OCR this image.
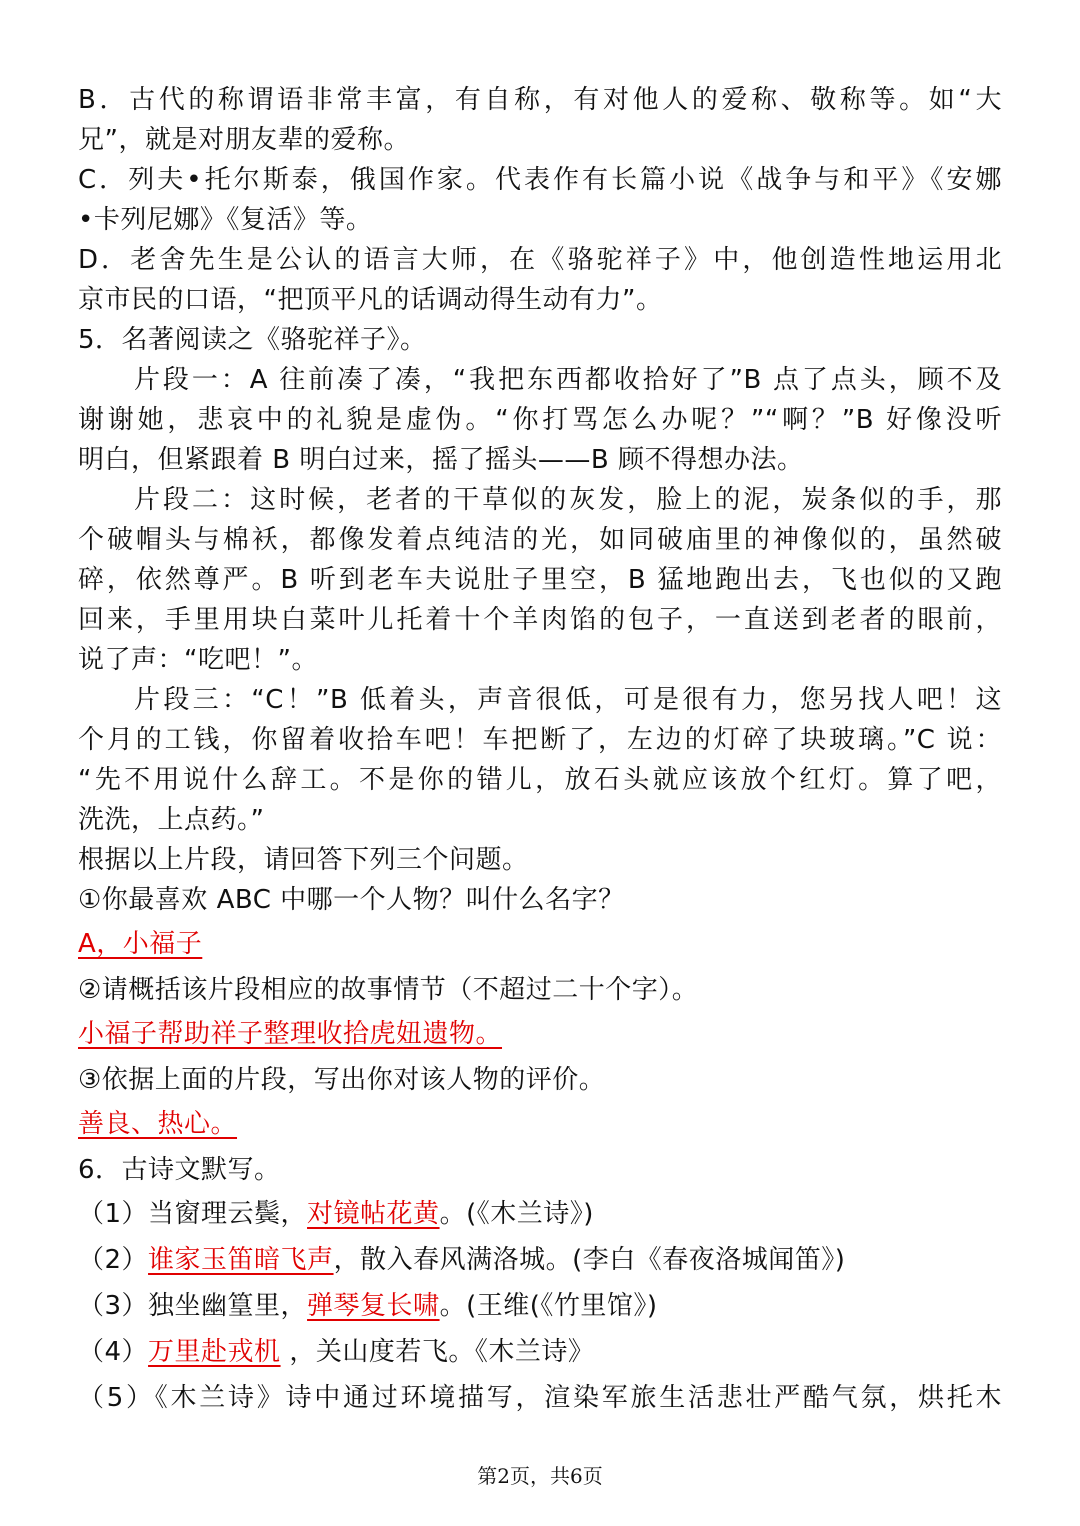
B．古代的称谓语非常丰富，有自称，有对他人的爱称、敬称等。如“大
兄”，就是对朋友辈的爱称。
C．列夫•托尔斯泰，俄国作家。代表作有长篇小说《战争与和平》《安娜
•卡列尼娜》《复活》等。
D．老舍先生是公认的语言大师，在《骆驼祥子》中，他创造性地运用北
京市民的口语，“把顶平凡的话调动得生动有力”。
5．名著阅读之《骆驼祥子》。
片段一：A 往前凑了凑，“我把东西都收拾好了”B 点了点头，顾不及
谢谢她，悲哀中的礼貌是虚伪。“你打骂怎么办呢？”“啊？”B 好像没听
明白，但紧跟着 B 明白过来，摇了摇头——B 顾不得想办法。
片段二：这时候，老者的干草似的灰发，脸上的泥，炭条似的手，那
个破帽头与棉袄，都像发着点纯洁的光，如同破庙里的神像似的，虽然破
碎，依然尊严。B 听到老车夫说肚子里空，B 猛地跑出去，飞也似的又跑
回来，手里用块白菜叶儿托着十个羊肉馅的包子，一直送到老者的眼前，
说了声：“吃吧！”。
片段三：“C！”B 低着头，声音很低，可是很有力，您另找人吧！这
个月的工钱，你留着收拾车吧！车把断了，左边的灯碎了块玻璃。”C 说：
“先不用说什么辞工。不是你的错儿，放石头就应该放个红灯。算了吧，
洗洗，上点药。”
根据以上片段，请回答下列三个问题。
①你最喜欢 ABC 中哪一个人物？叫什么名字？
A，小福子
②请概括该片段相应的故事情节（不超过二十个字）。
小福子帮助祥子整理收拾虎妞遗物。
③依据上面的片段，写出你对该人物的评价。
善良、热心。
6．古诗文默写。
（1）当窗理云鬓，对镜帖花黄。(《木兰诗》)
（2）谁家玉笛暗飞声，散入春风满洛城。(李白《春夜洛城闻笛》)
（3）独坐幽篁里，弹琴复长啸。(王维(《竹里馆》)
（4）万里赴戎机 ，关山度若飞。《木兰诗》
（5）《木兰诗》诗中通过环境描写，渲染军旅生活悲壮严酷气氛，烘托木
第2页，共6页
